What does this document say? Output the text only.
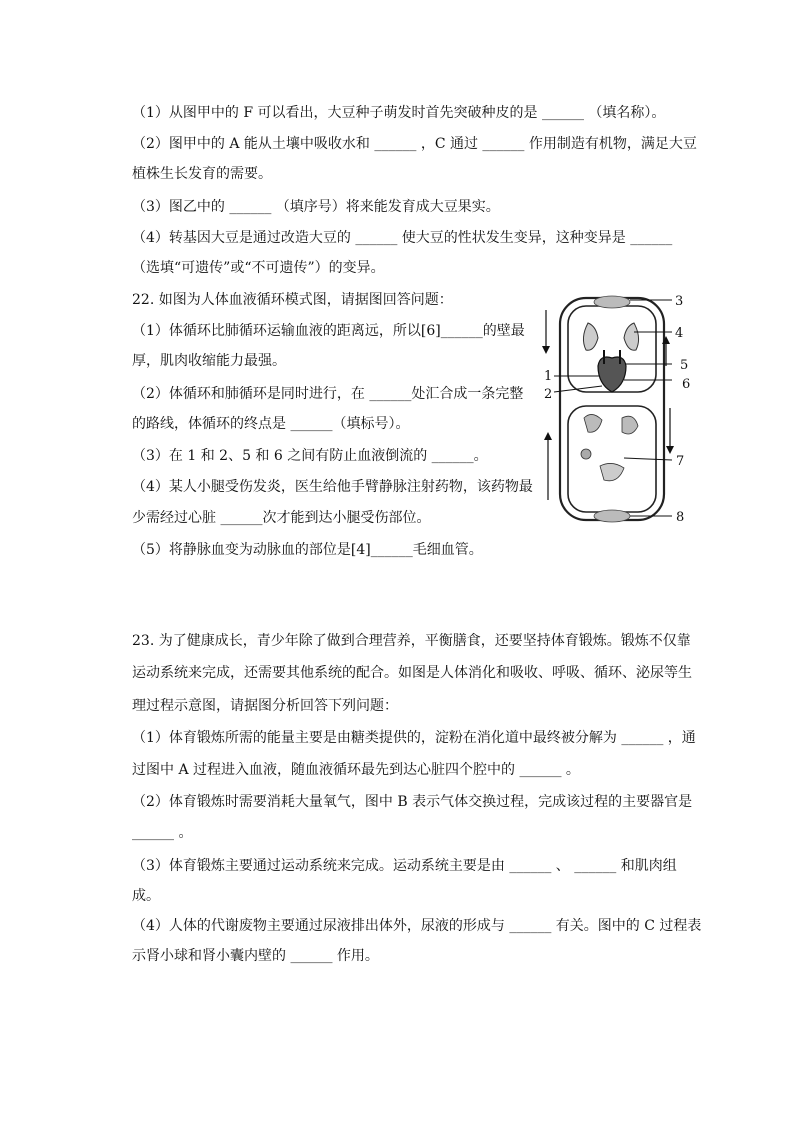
（1）从图甲中的 F 可以看出，大豆种子萌发时首先突破种皮的是 ______ （填名称）。
（2）图甲中的 A 能从土壤中吸收水和 ______ ，C 通过 ______ 作用制造有机物，满足大豆
植株生长发育的需要。
（3）图乙中的 ______ （填序号）将来能发育成大豆果实。
（4）转基因大豆是通过改造大豆的 ______ 使大豆的性状发生变异，这种变异是 ______
（选填“可遗传”或“不可遗传”）的变异。
22. 如图为人体血液循环模式图，请据图回答问题：
（1）体循环比肺循环运输血液的距离远，所以[6]______的壁最
厚，肌肉收缩能力最强。
（2）体循环和肺循环是同时进行，在 ______处汇合成一条完整
的路线，体循环的终点是 ______（填标号）。
（3）在 1 和 2、5 和 6 之间有防止血液倒流的 ______。
（4）某人小腿受伤发炎，医生给他手臂静脉注射药物，该药物最
少需经过心脏 ______次才能到达小腿受伤部位。
（5）将静脉血变为动脉血的部位是[4]______毛细血管。
3
4
5
1
6
2
7
8
23. 为了健康成长，青少年除了做到合理营养，平衡膳食，还要坚持体育锻炼。锻炼不仅靠
运动系统来完成，还需要其他系统的配合。如图是人体消化和吸收、呼吸、循环、泌尿等生
理过程示意图，请据图分析回答下列问题：
（1）体育锻炼所需的能量主要是由糖类提供的，淀粉在消化道中最终被分解为 ______ ，通
过图中 A 过程进入血液，随血液循环最先到达心脏四个腔中的 ______ 。
（2）体育锻炼时需要消耗大量氧气，图中 B 表示气体交换过程，完成该过程的主要器官是
______ 。
（3）体育锻炼主要通过运动系统来完成。运动系统主要是由 ______ 、 ______ 和肌肉组
成。
（4）人体的代谢废物主要通过尿液排出体外，尿液的形成与 ______ 有关。图中的 C 过程表
示肾小球和肾小囊内壁的 ______ 作用。
